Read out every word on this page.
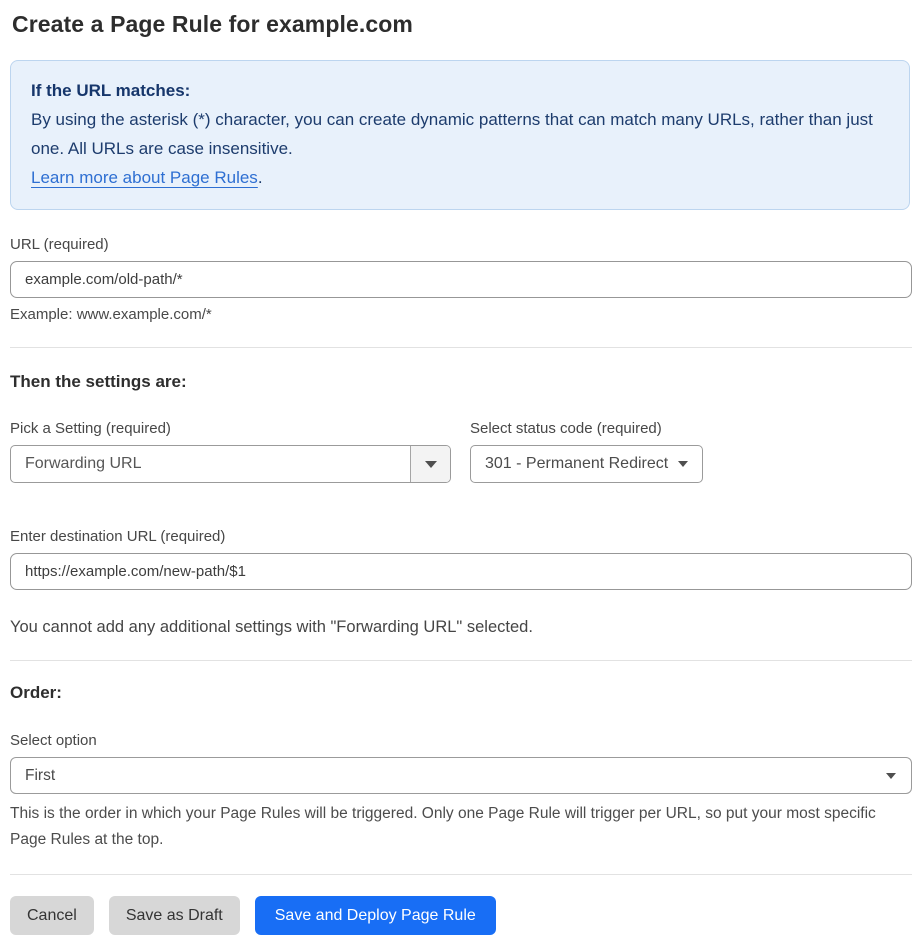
Create a Page Rule for example.com
If the URL matches:
By using the asterisk (*) character, you can create dynamic patterns that can match many URLs, rather than just one. All URLs are case insensitive.
Learn more about Page Rules.
URL (required)
example.com/old-path/*
Example: www.example.com/*
Then the settings are:
Pick a Setting (required)
Forwarding URL
Select status code (required)
301 - Permanent Redirect
Enter destination URL (required)
https://example.com/new-path/$1
You cannot add any additional settings with "Forwarding URL" selected.
Order:
Select option
First
This is the order in which your Page Rules will be triggered. Only one Page Rule will trigger per URL, so put your most specific Page Rules at the top.
Cancel	Save as Draft	Save and Deploy Page Rule
